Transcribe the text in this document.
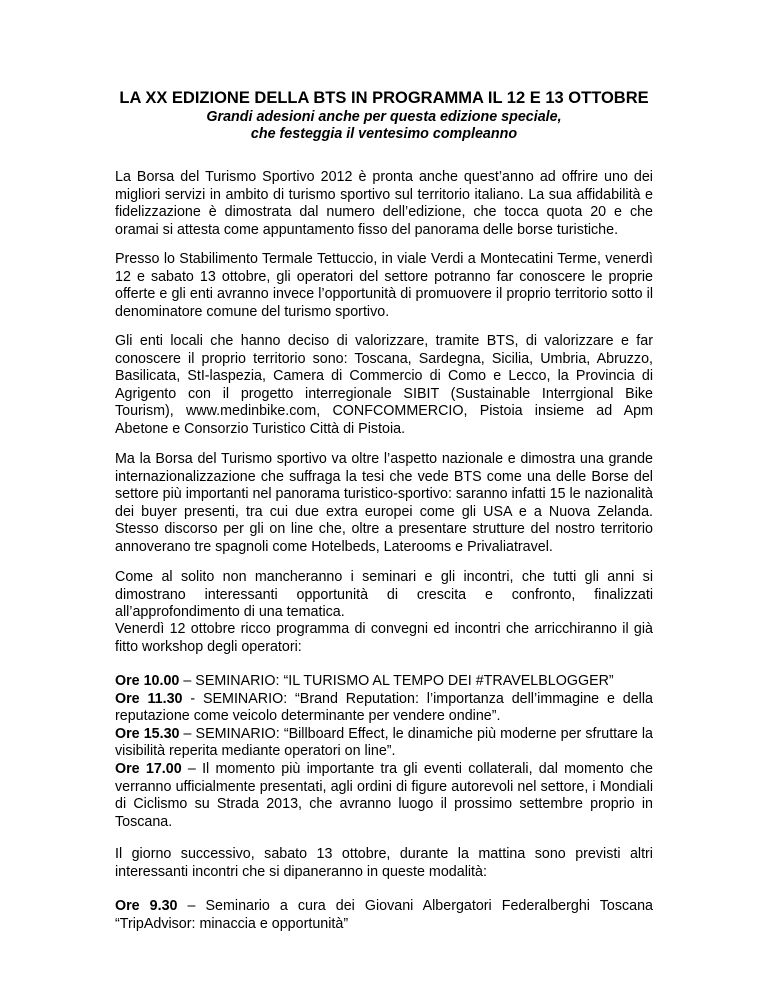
LA XX EDIZIONE DELLA BTS IN PROGRAMMA IL 12 E 13 OTTOBRE
Grandi adesioni anche per questa edizione speciale,
che festeggia il ventesimo compleanno

La Borsa del Turismo Sportivo 2012 è pronta anche quest’anno ad offrire uno dei migliori servizi in ambito di turismo sportivo sul territorio italiano. La sua affidabilità e fidelizzazione è dimostrata dal numero dell’edizione, che tocca quota 20 e che oramai si attesta come appuntamento fisso del panorama delle borse turistiche.

Presso lo Stabilimento Termale Tettuccio, in viale Verdi a Montecatini Terme, venerdì 12 e sabato 13 ottobre, gli operatori del settore potranno far conoscere le proprie offerte e gli enti avranno invece l’opportunità di promuovere il proprio territorio sotto il denominatore comune del turismo sportivo.

Gli enti locali che hanno deciso di valorizzare, tramite BTS, di valorizzare e far conoscere il proprio territorio sono: Toscana, Sardegna, Sicilia, Umbria, Abruzzo, Basilicata, StI-laspezia, Camera di Commercio di Como e Lecco, la Provincia di Agrigento con il progetto interregionale SIBIT (Sustainable Interrgional Bike Tourism), www.medinbike.com, CONFCOMMERCIO, Pistoia insieme ad Apm Abetone e Consorzio Turistico Città di Pistoia.

Ma la Borsa del Turismo sportivo va oltre l’aspetto nazionale e dimostra una grande internazionalizzazione che suffraga la tesi che vede BTS come una delle Borse del settore più importanti nel panorama turistico-sportivo: saranno infatti 15 le nazionalità dei buyer presenti, tra cui due extra europei come gli USA e a Nuova Zelanda. Stesso discorso per gli on line che, oltre a presentare strutture del nostro territorio annoverano tre spagnoli come Hotelbeds, Laterooms e Privaliatravel.

Come al solito non mancheranno i seminari e gli incontri, che tutti gli anni si dimostrano interessanti opportunità di crescita e confronto, finalizzati all’approfondimento di una tematica.

Venerdì 12 ottobre ricco programma di convegni ed incontri che arricchiranno il già fitto workshop degli operatori:

Ore 10.00 – SEMINARIO: “IL TURISMO AL TEMPO DEI #TRAVELBLOGGER”
Ore 11.30 - SEMINARIO: “Brand Reputation: l’importanza dell’immagine e della reputazione come veicolo determinante per vendere ondine”.
Ore 15.30 – SEMINARIO: “Billboard Effect, le dinamiche più moderne per sfruttare la visibilità reperita mediante operatori on line”.
Ore 17.00 – Il momento più importante tra gli eventi collaterali, dal momento che verranno ufficialmente presentati, agli ordini di figure autorevoli nel settore, i Mondiali di Ciclismo su Strada 2013, che avranno luogo il prossimo settembre proprio in Toscana.

Il giorno successivo, sabato 13 ottobre, durante la mattina sono previsti altri interessanti incontri che si dipaneranno in queste modalità:

Ore 9.30 – Seminario a cura dei Giovani Albergatori Federalberghi Toscana “TripAdvisor: minaccia e opportunità”
